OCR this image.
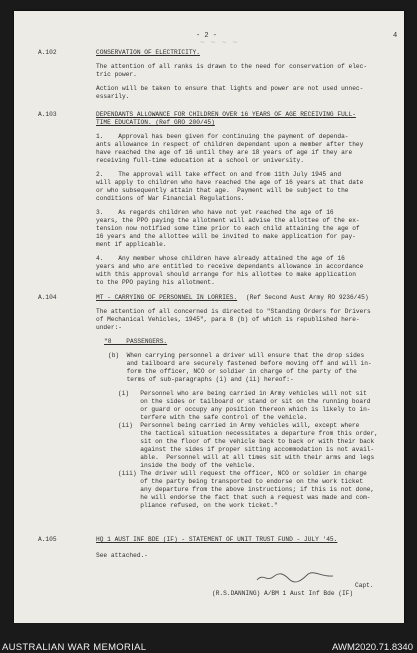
~ ~ ~ ~
- 2 -	4
A.102	CONSERVATION OF ELECTRICITY.
The attention of all ranks is drawn to the need for conservation of elec-
tric power.
Action will be taken to ensure that lights and power are not used unnec-
essarily.
A.103	DEPENDANTS ALLOWANCE FOR CHILDREN OVER 16 YEARS OF AGE RECEIVING FULL-
TIME EDUCATION. (Ref GRO 200/45)
1.    Approval has been given for continuing the payment of dependa-
ants allowance in respect of children dependant upon a member after they
have reached the age of 16 until they are 18 years of age if they are
receiving full-time education at a school or university.
2.    The approval will take effect on and from 11th July 1945 and
will apply to children who have reached the age of 16 years at that date
or who subsequently attain that age.  Payment will be subject to the
conditions of War Financial Regulations.
3.    As regards children who have not yet reached the age of 16
years, the PPO paying the allotment will advise the allottee of the ex-
tension now notified some time prior to each child attaining the age of
16 years and the allottee will be invited to make application for pay-
ment if applicable.
4.    Any member whose children have already attained the age of 16
years and who are entitled to receive dependants allowance in accordance
with this approval should arrange for his allottee to make application
to the PPO paying his allotment.
A.104	MT - CARRYING OF PERSONNEL IN LORRIES. (Ref Second Aust Army RO 9236/45)
The attention of all concerned is directed to "Standing Orders for Drivers
of Mechanical Vehicles, 1945", para 8 (b) of which is republished here-
under:-
"8    PASSENGERS.
(b)  When carrying personnel a driver will ensure that the drop sides
and tailboard are securely fastened before moving off and will in-
form the officer, NCO or soldier in charge of the party of the
terms of sub-paragraphs (i) and (ii) hereof:-
(i)   Personnel who are being carried in Army vehicles will not sit
on the sides or tailboard or stand or sit on the running board
or guard or occupy any position thereon which is likely to in-
terfere with the safe control of the vehicle.
(ii)  Personnel being carried in Army vehicles will, except where
the tactical situation necessitates a departure from this order,
sit on the floor of the vehicle back to back or with their back
against the sides if proper sitting accommodation is not avail-
able.  Personnel will at all times sit with their arms and legs
inside the body of the vehicle.
(iii) The driver will request the officer, NCO or soldier in charge
of the party being transported to endorse on the work ticket
any departure from the above instructions; if this is not done,
he will endorse the fact that such a request was made and com-
pliance refused, on the work ticket."
A.105	HQ 1 AUST INF BDE (IF) - STATEMENT OF UNIT TRUST FUND - JULY '45.
See attached.-
Capt.
(R.S.DANNING) A/BM 1 Aust Inf Bde (IF)
AUSTRALIAN WAR MEMORIAL	AWM2020.71.8340
